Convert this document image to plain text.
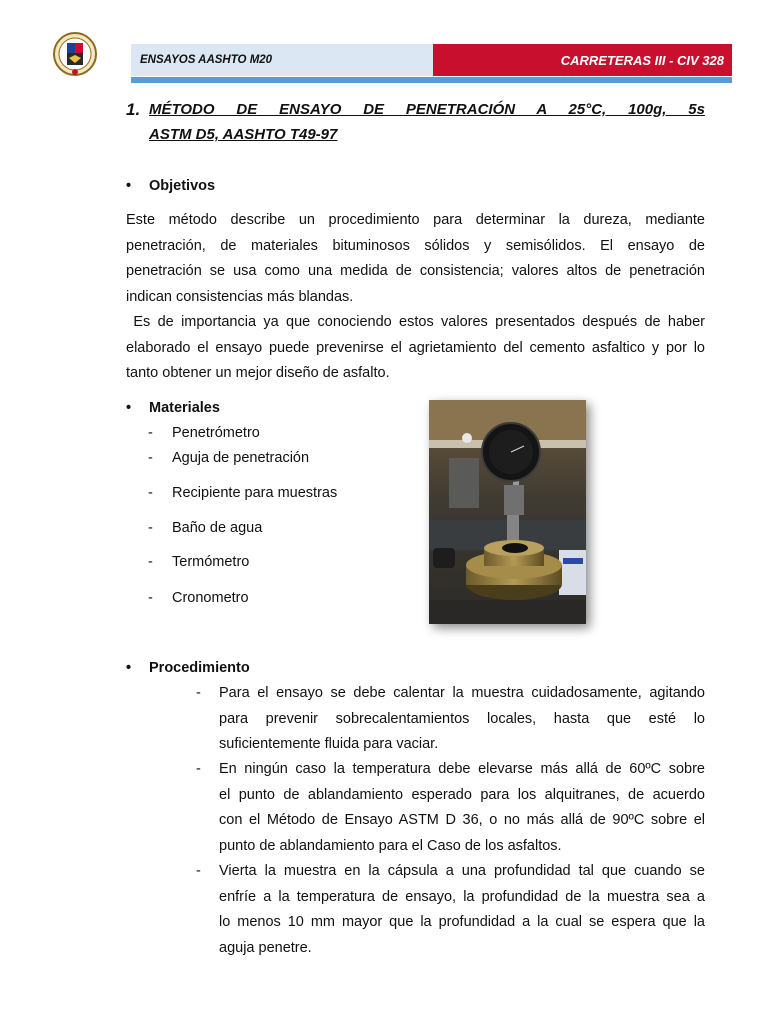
ENSAYOS AASHTO M20	CARRETERAS III - CIV 328
1. MÉTODO DE ENSAYO DE PENETRACIÓN A 25°C, 100g, 5s
ASTM D5, AASHTO T49-97
• Objetivos
Este método describe un procedimiento para determinar la dureza, mediante
penetración, de materiales bituminosos sólidos y semisólidos. El ensayo de
penetración se usa como una medida de consistencia; valores altos de penetración
indican consistencias más blandas.
Es de importancia ya que conociendo estos valores presentados después de haber
elaborado el ensayo puede prevenirse el agrietamiento del cemento asfaltico y por lo
tanto obtener un mejor diseño de asfalto.
• Materiales
- Penetrómetro
- Aguja de penetración
- Recipiente para muestras
- Baño de agua
- Termómetro
- Cronometro
• Procedimiento
- Para el ensayo se debe calentar la muestra cuidadosamente, agitando
para prevenir sobrecalentamientos locales, hasta que esté lo
suficientemente fluida para vaciar.
- En ningún caso la temperatura debe elevarse más allá de 60ºC sobre
el punto de ablandamiento esperado para los alquitranes, de acuerdo
con el Método de Ensayo ASTM D 36, o no más allá de 90ºC sobre el
punto de ablandamiento para el Caso de los asfaltos.
- Vierta la muestra en la cápsula a una profundidad tal que cuando se
enfríe a la temperatura de ensayo, la profundidad de la muestra sea a
lo menos 10 mm mayor que la profundidad a la cual se espera que la
aguja penetre.
